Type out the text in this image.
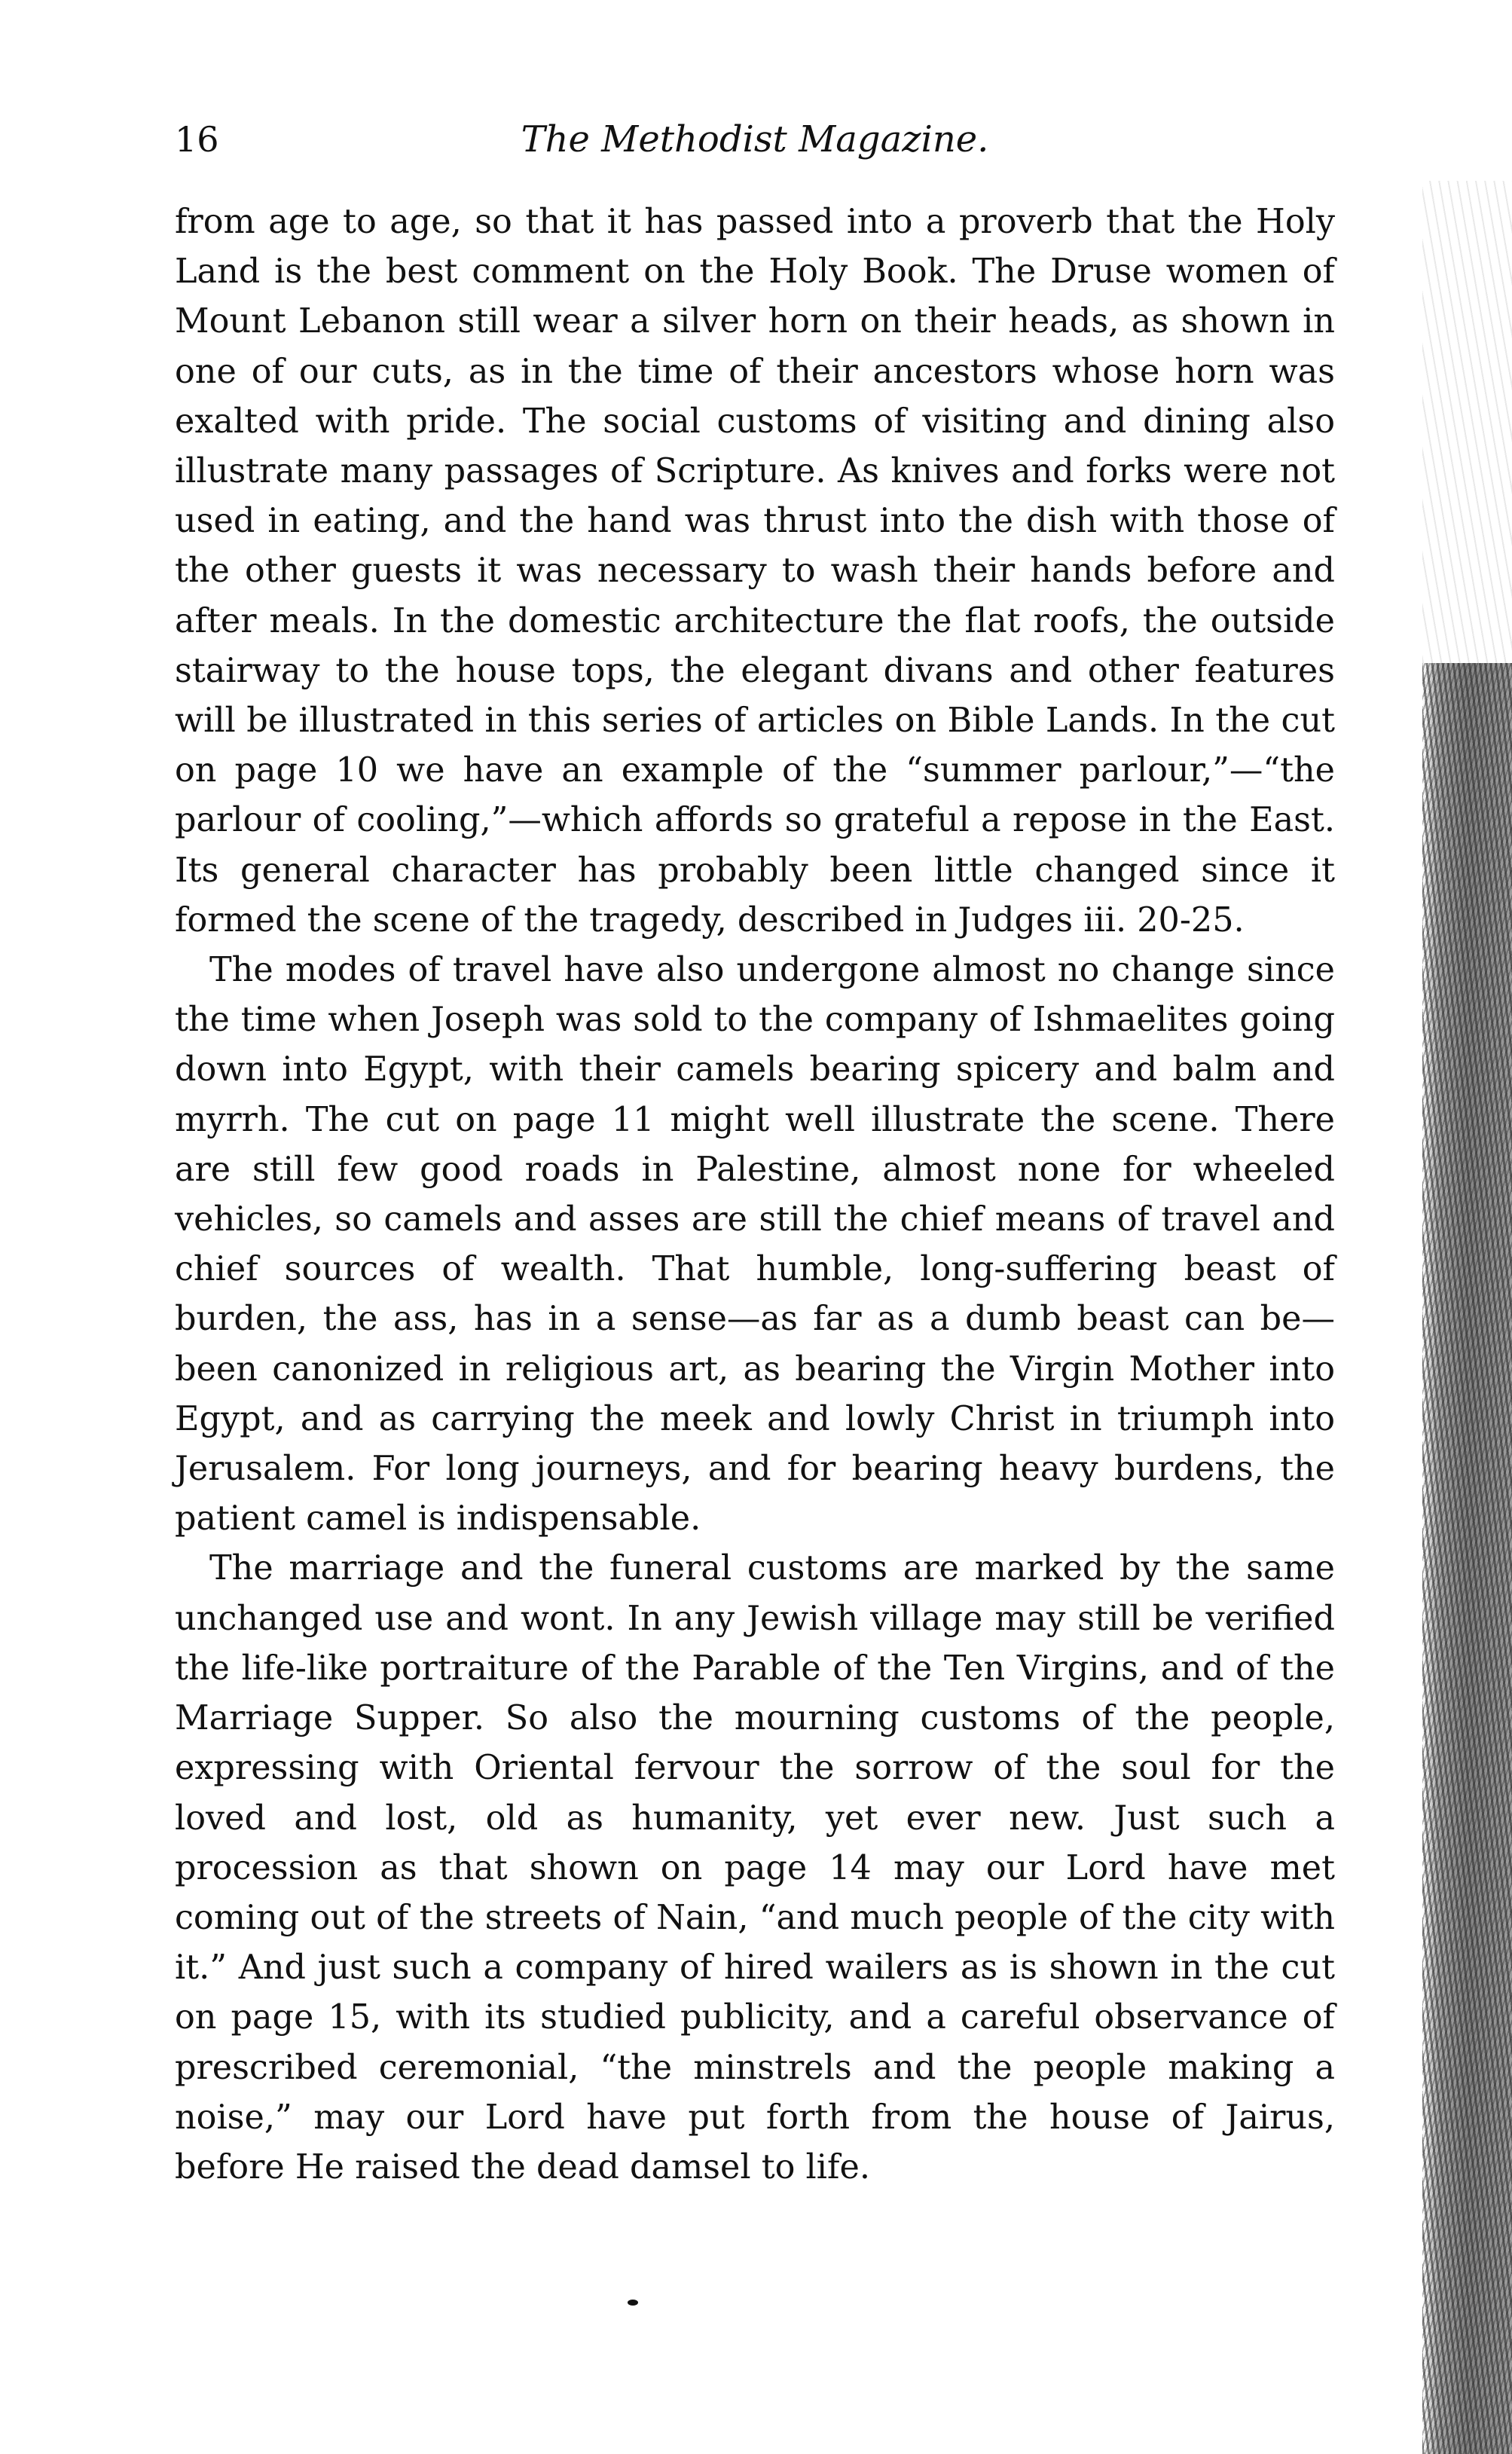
16	The Methodist Magazine.

from age to age, so that it has passed into a proverb that the Holy Land is the best comment on the Holy Book. The Druse women of Mount Lebanon still wear a silver horn on their heads, as shown in one of our cuts, as in the time of their ancestors whose horn was exalted with pride. The social customs of visiting and dining also illustrate many passages of Scripture. As knives and forks were not used in eating, and the hand was thrust into the dish with those of the other guests it was necessary to wash their hands before and after meals. In the domestic architecture the flat roofs, the outside stairway to the house tops, the elegant divans and other features will be illustrated in this series of articles on Bible Lands. In the cut on page 10 we have an example of the “summer parlour,”—“the parlour of cooling,”—which affords so grateful a repose in the East. Its general character has probably been little changed since it formed the scene of the tragedy, described in Judges iii. 20-25.

The modes of travel have also undergone almost no change since the time when Joseph was sold to the company of Ishmaelites going down into Egypt, with their camels bearing spicery and balm and myrrh. The cut on page 11 might well illustrate the scene. There are still few good roads in Palestine, almost none for wheeled vehicles, so camels and asses are still the chief means of travel and chief sources of wealth. That humble, long-suffering beast of burden, the ass, has in a sense—as far as a dumb beast can be—been canonized in religious art, as bearing the Virgin Mother into Egypt, and as carrying the meek and lowly Christ in triumph into Jerusalem. For long journeys, and for bearing heavy burdens, the patient camel is indispensable.

The marriage and the funeral customs are marked by the same unchanged use and wont. In any Jewish village may still be verified the life-like portraiture of the Parable of the Ten Virgins, and of the Marriage Supper. So also the mourning customs of the people, expressing with Oriental fervour the sorrow of the soul for the loved and lost, old as humanity, yet ever new. Just such a procession as that shown on page 14 may our Lord have met coming out of the streets of Nain, “and much people of the city with it.” And just such a company of hired wailers as is shown in the cut on page 15, with its studied publicity, and a careful observance of prescribed ceremonial, “the minstrels and the people making a noise,” may our Lord have put forth from the house of Jairus, before He raised the dead damsel to life.
